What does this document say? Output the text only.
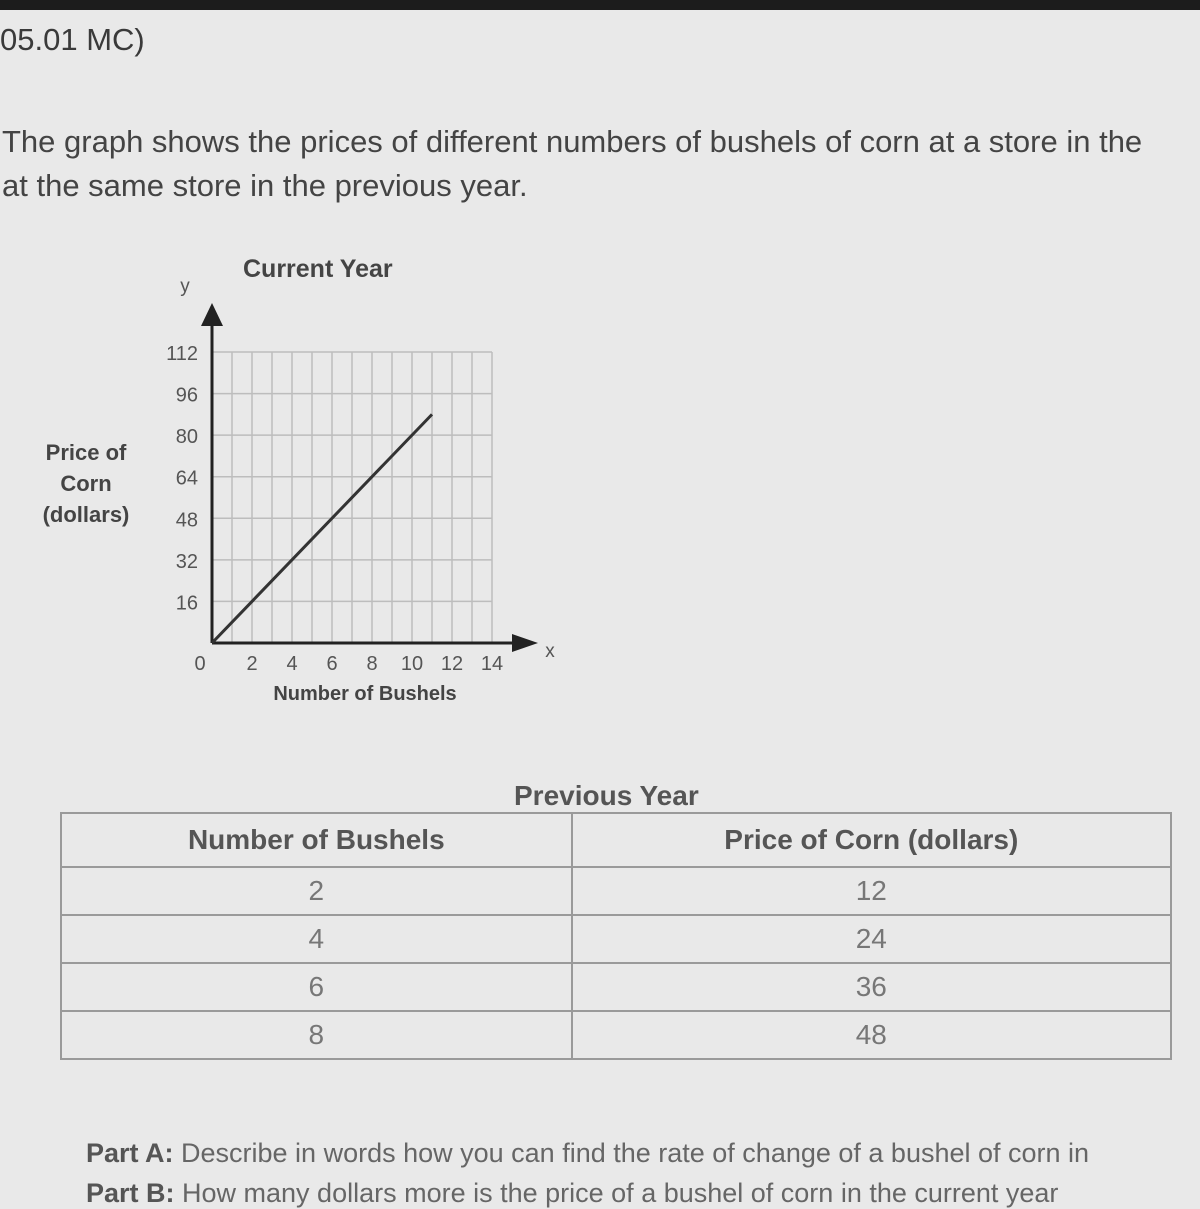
05.01 MC)
The graph shows the prices of different numbers of bushels of corn at a store in the
at the same store in the previous year.
Current Year
y
x
16
32
48
64
80
96
112
0 2 4 6 8 10 12 14
Number of Bushels
Price of
Corn
(dollars)
Previous Year
Number of Bushels	Price of Corn (dollars)
2	12
4	24
6	36
8	48
Part A: Describe in words how you can find the rate of change of a bushel of corn in
Part B: How many dollars more is the price of a bushel of corn in the current year
